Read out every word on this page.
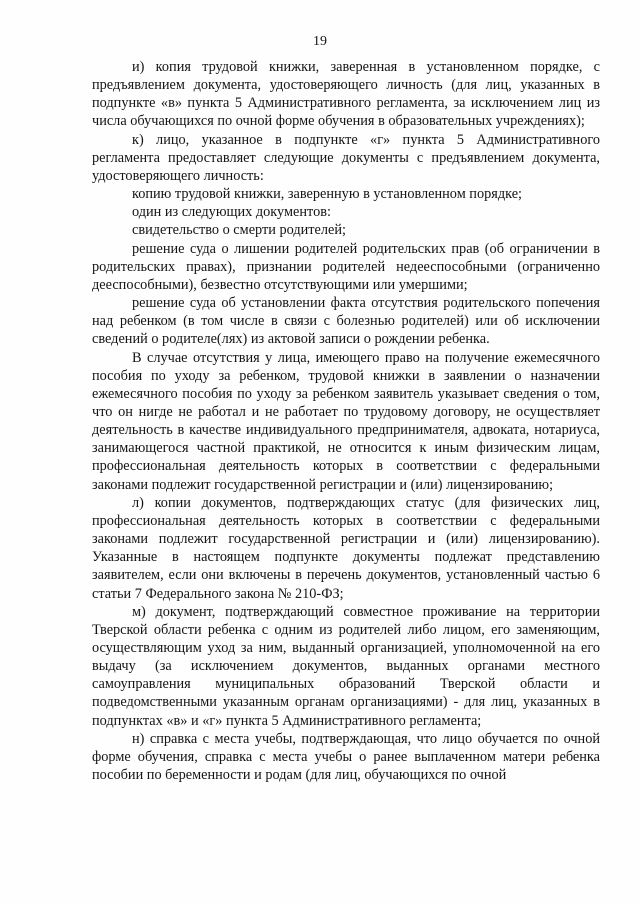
19

и) копия трудовой книжки, заверенная в установленном порядке, с предъявлением документа, удостоверяющего личность (для лиц, указанных в подпункте «в» пункта 5 Административного регламента, за исключением лиц из числа обучающихся по очной форме обучения в образовательных учреждениях);

к) лицо, указанное в подпункте «г» пункта 5 Административного регламента предоставляет следующие документы с предъявлением документа, удостоверяющего личность:

копию трудовой книжки, заверенную в установленном порядке;

один из следующих документов:

свидетельство о смерти родителей;

решение суда о лишении родителей родительских прав (об ограничении в родительских правах), признании родителей недееспособными (ограниченно дееспособными), безвестно отсутствующими или умершими;

решение суда об установлении факта отсутствия родительского попечения над ребенком (в том числе в связи с болезнью родителей) или об исключении сведений о родителе(лях) из актовой записи о рождении ребенка.

В случае отсутствия у лица, имеющего право на получение ежемесячного пособия по уходу за ребенком, трудовой книжки в заявлении о назначении ежемесячного пособия по уходу за ребенком заявитель указывает сведения о том, что он нигде не работал и не работает по трудовому договору, не осуществляет деятельность в качестве индивидуального предпринимателя, адвоката, нотариуса, занимающегося частной практикой, не относится к иным физическим лицам, профессиональная деятельность которых в соответствии с федеральными законами подлежит государственной регистрации и (или) лицензированию;

л) копии документов, подтверждающих статус (для физических лиц, профессиональная деятельность которых в соответствии с федеральными законами подлежит государственной регистрации и (или) лицензированию). Указанные в настоящем подпункте документы подлежат представлению заявителем, если они включены в перечень документов, установленный частью 6 статьи 7 Федерального закона № 210-ФЗ;

м) документ, подтверждающий совместное проживание на территории Тверской области ребенка с одним из родителей либо лицом, его заменяющим, осуществляющим уход за ним, выданный организацией, уполномоченной на его выдачу (за исключением документов, выданных органами местного самоуправления муниципальных образований Тверской области и подведомственными указанным органам организациями) - для лиц, указанных в подпунктах «в» и «г» пункта 5 Административного регламента;

н) справка с места учебы, подтверждающая, что лицо обучается по очной форме обучения, справка с места учебы о ранее выплаченном матери ребенка пособии по беременности и родам (для лиц, обучающихся по очной
